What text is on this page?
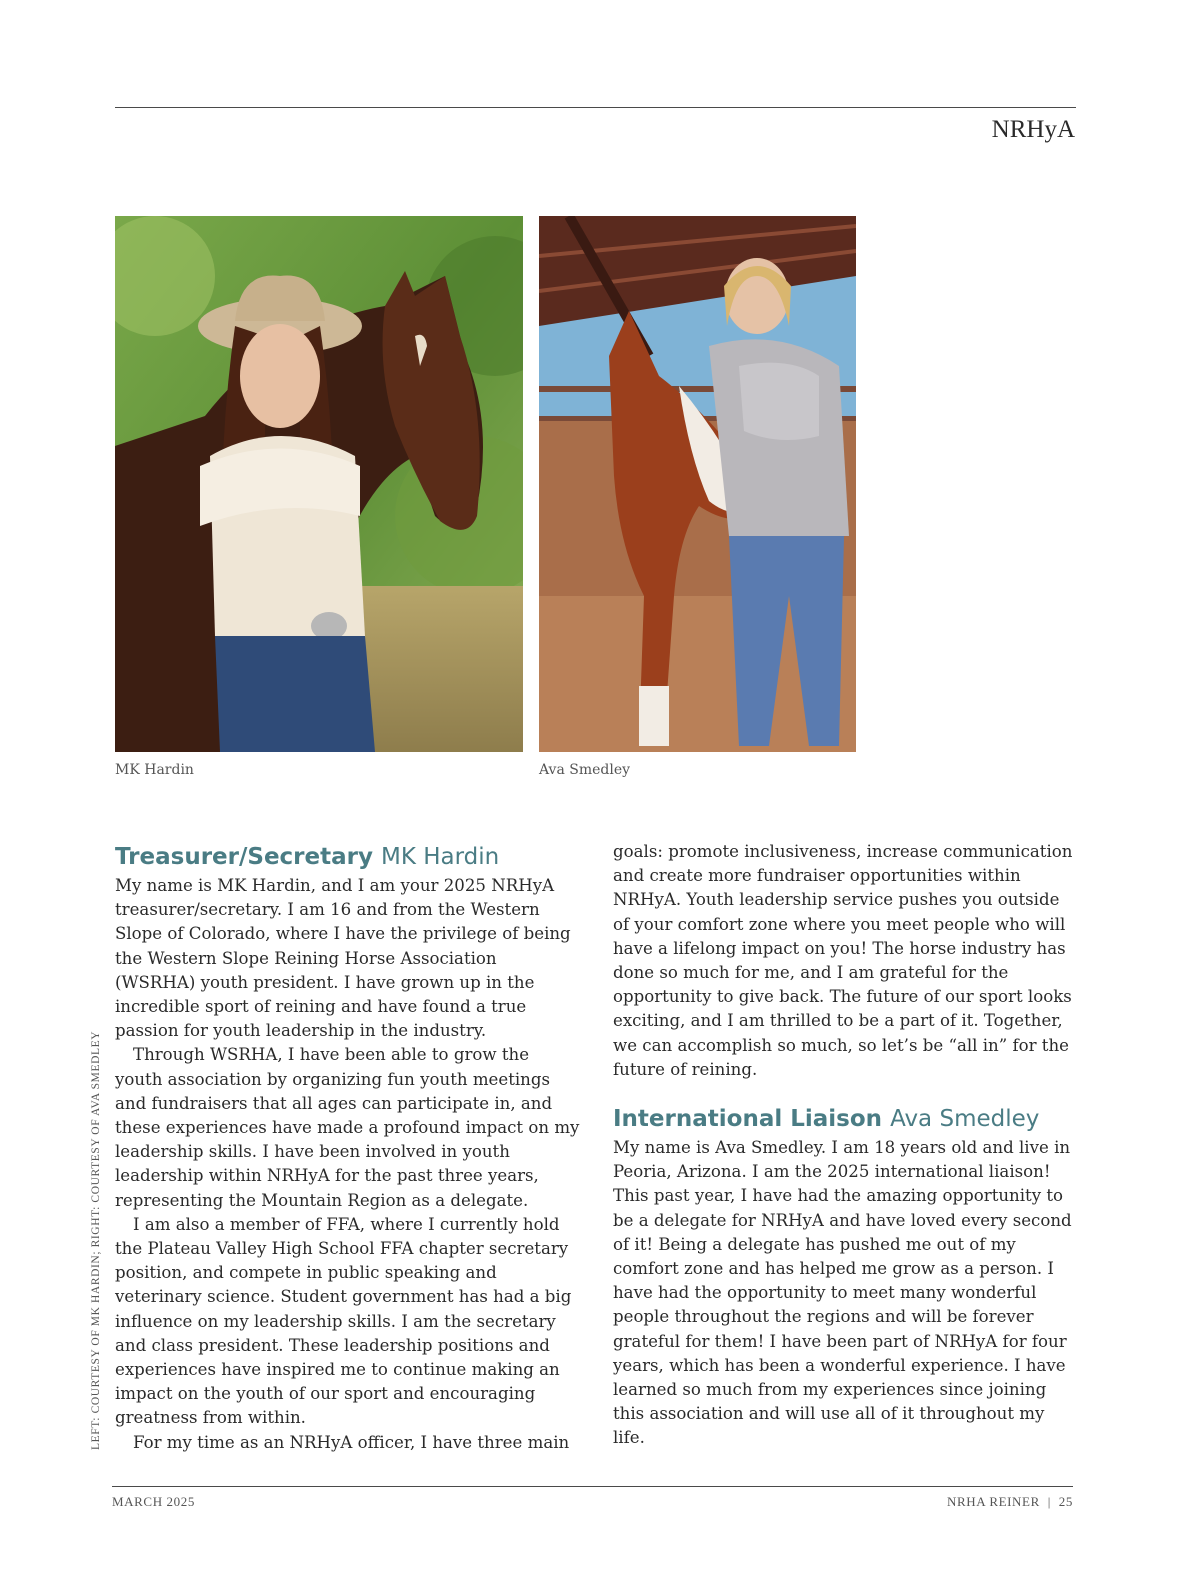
NRHyA
MK Hardin	Ava Smedley
LEFT: COURTESY OF MK HARDIN; RIGHT: COURTESY OF AVA SMEDLEY
Treasurer/Secretary MK Hardin

My name is MK Hardin, and I am your 2025 NRHyA treasurer/secretary. I am 16 and from the Western Slope of Colorado, where I have the privilege of being the Western Slope Reining Horse Association (WSRHA) youth president. I have grown up in the incredible sport of reining and have found a true passion for youth leadership in the industry.

Through WSRHA, I have been able to grow the youth association by organizing fun youth meetings and fundraisers that all ages can participate in, and these experiences have made a profound impact on my leadership skills. I have been involved in youth leadership within NRHyA for the past three years, representing the Mountain Region as a delegate.

I am also a member of FFA, where I currently hold the Plateau Valley High School FFA chapter secretary position, and compete in public speaking and veterinary science. Student government has had a big influence on my leadership skills. I am the secretary and class president. These leadership positions and experiences have inspired me to continue making an impact on the youth of our sport and encouraging greatness from within.

For my time as an NRHyA officer, I have three main

goals: promote inclusiveness, increase communication and create more fundraiser opportunities within NRHyA. Youth leadership service pushes you outside of your comfort zone where you meet people who will have a lifelong impact on you! The horse industry has done so much for me, and I am grateful for the opportunity to give back. The future of our sport looks exciting, and I am thrilled to be a part of it. Together, we can accomplish so much, so let’s be “all in” for the future of reining.

International Liaison Ava Smedley

My name is Ava Smedley. I am 18 years old and live in Peoria, Arizona. I am the 2025 international liaison! This past year, I have had the amazing opportunity to be a delegate for NRHyA and have loved every second of it! Being a delegate has pushed me out of my comfort zone and has helped me grow as a person. I have had the opportunity to meet many wonderful people throughout the regions and will be forever grateful for them! I have been part of NRHyA for four years, which has been a wonderful experience. I have learned so much from my experiences since joining this association and will use all of it throughout my life.

MARCH 2025	NRHA REINER | 25
